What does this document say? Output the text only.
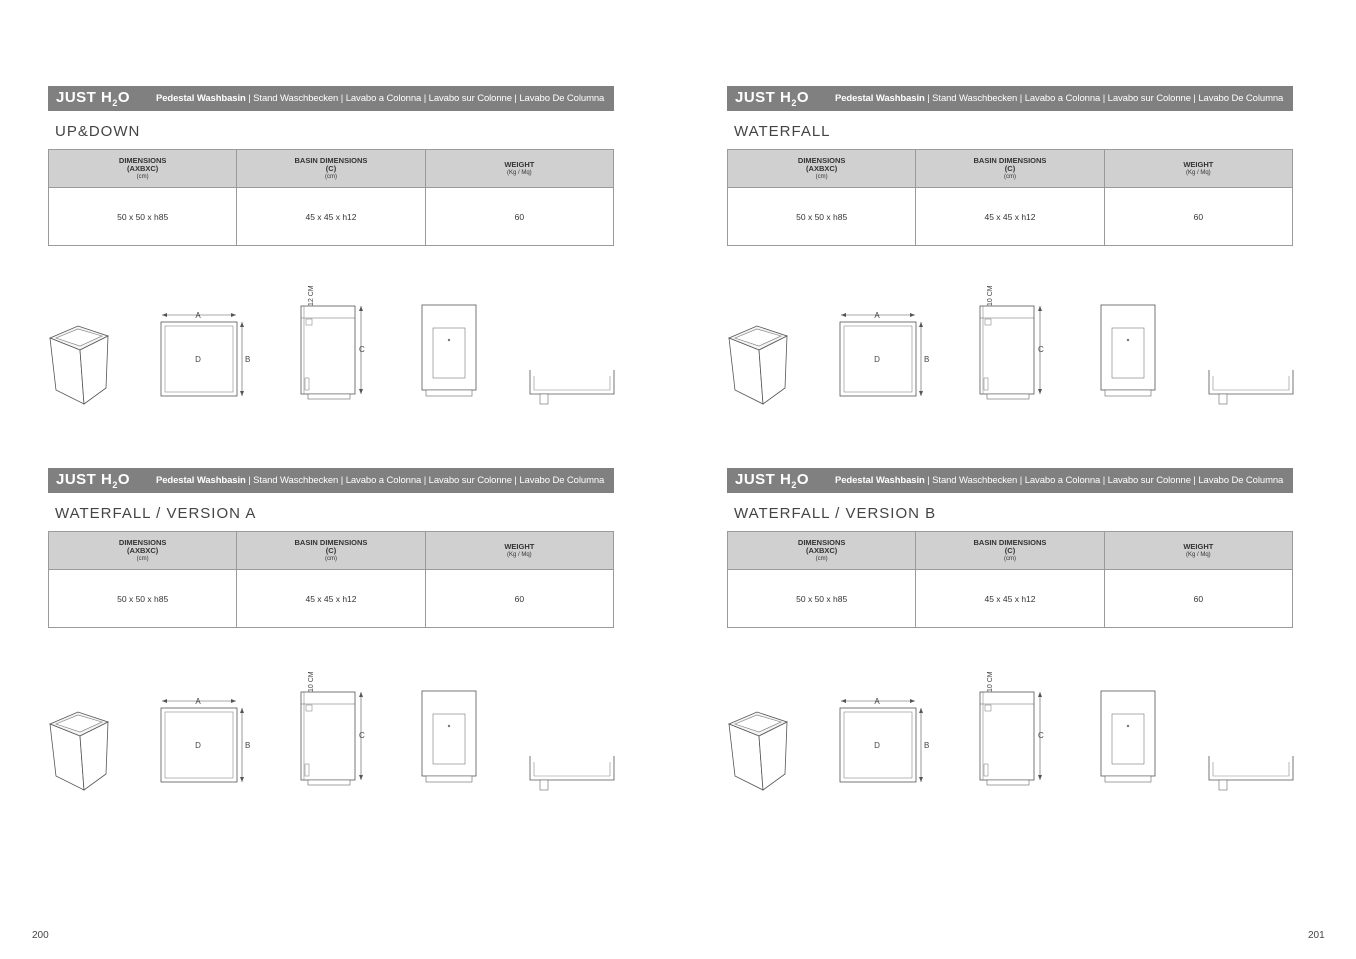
JUST $H_2O$	Pedestal Washbasin | Stand Waschbecken | Lavabo a Colonna | Lavabo sur Colonne | Lavabo De Columna
UP&DOWN
DIMENSIONS
(AXBXC)
(cm)	BASIN DIMENSIONS
(C)
(cm)	WEIGHT
(Kg / Mq)

50 x 50 x h85	45 x 45 x h12	60
A
D	B
12 CM
C
JUST $H_2O$	Pedestal Washbasin | Stand Waschbecken | Lavabo a Colonna | Lavabo sur Colonne | Lavabo De Columna
WATERFALL
DIMENSIONS
(AXBXC)
(cm)	BASIN DIMENSIONS
(C)
(cm)	WEIGHT
(Kg / Mq)

50 x 50 x h85	45 x 45 x h12	60
A
D	B
10 CM
C
JUST $H_2O$	Pedestal Washbasin | Stand Waschbecken | Lavabo a Colonna | Lavabo sur Colonne | Lavabo De Columna
WATERFALL / VERSION A
DIMENSIONS
(AXBXC)
(cm)	BASIN DIMENSIONS
(C)
(cm)	WEIGHT
(Kg / Mq)

50 x 50 x h85	45 x 45 x h12	60
A
D	B
10 CM
C
JUST $H_2O$	Pedestal Washbasin | Stand Waschbecken | Lavabo a Colonna | Lavabo sur Colonne | Lavabo De Columna
WATERFALL / VERSION B
DIMENSIONS
(AXBXC)
(cm)	BASIN DIMENSIONS
(C)
(cm)	WEIGHT
(Kg / Mq)

50 x 50 x h85	45 x 45 x h12	60
A
D	B
10 CM
C
200	201
